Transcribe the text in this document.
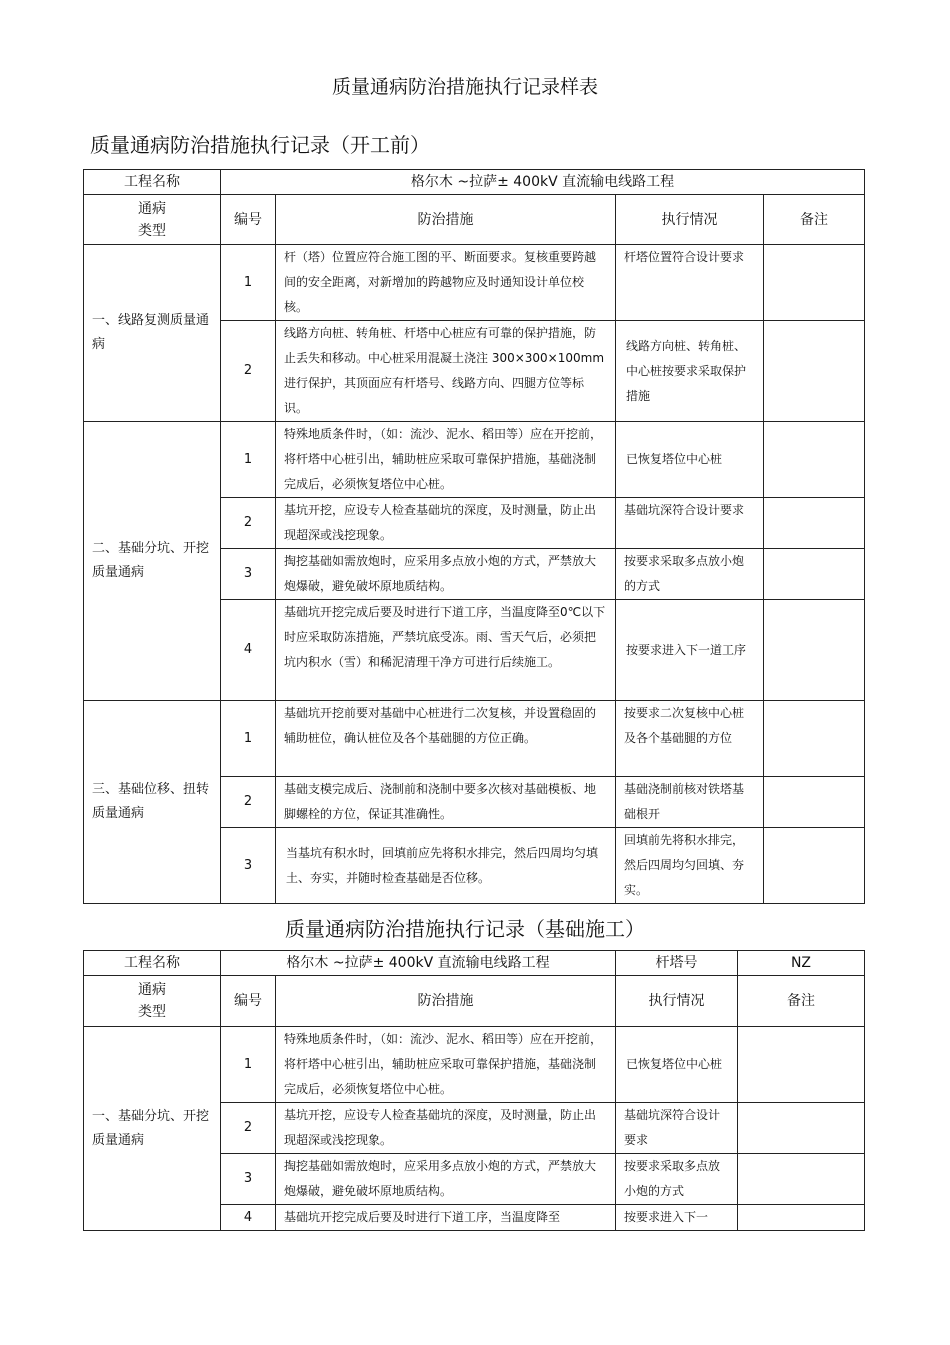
质量通病防治措施执行记录样表
质量通病防治措施执行记录（开工前）
工程名称	格尔木 ~拉萨± 400kV 直流输电线路工程			
通病
类型	编号	防治措施	执行情况	备注
一、线路复测质量通病	1	杆（塔）位置应符合施工图的平、断面要求。复核重要跨越间的安全距离，对新增加的跨越物应及时通知设计单位校核。	杆塔位置符合设计要求	
	2	线路方向桩、转角桩、杆塔中心桩应有可靠的保护措施，防止丢失和移动。中心桩采用混凝土浇注 300×300×100mm 进行保护，其顶面应有杆塔号、线路方向、四腿方位等标识。	线路方向桩、转角桩、中心桩按要求采取保护措施	
二、基础分坑、开挖质量通病	1	特殊地质条件时，（如：流沙、泥水、稻田等）应在开挖前，将杆塔中心桩引出，辅助桩应采取可靠保护措施，基础浇制完成后，必须恢复塔位中心桩。	已恢复塔位中心桩	
	2	基坑开挖，应设专人检查基础坑的深度，及时测量，防止出现超深或浅挖现象。	基础坑深符合设计要求	
	3	掏挖基础如需放炮时，应采用多点放小炮的方式，严禁放大炮爆破，避免破坏原地质结构。	按要求采取多点放小炮的方式	
	4	基础坑开挖完成后要及时进行下道工序，当温度降至0℃以下时应采取防冻措施，严禁坑底受冻。雨、雪天气后，必须把坑内积水（雪）和稀泥清理干净方可进行后续施工。	按要求进入下一道工序	
三、基础位移、扭转质量通病	1	基础坑开挖前要对基础中心桩进行二次复核，并设置稳固的辅助桩位，确认桩位及各个基础腿的方位正确。	按要求二次复核中心桩及各个基础腿的方位	
	2	基础支模完成后、浇制前和浇制中要多次核对基础模板、地脚螺栓的方位，保证其准确性。	基础浇制前核对铁塔基础根开	
	3	当基坑有积水时，回填前应先将积水排完，然后四周均匀填土、夯实，并随时检查基础是否位移。	回填前先将积水排完，然后四周均匀回填、夯实。	
质量通病防治措施执行记录（基础施工）
工程名称	格尔木 ~拉萨± 400kV 直流输电线路工程		杆塔号	NZ
通病
类型	编号	防治措施	执行情况	备注
一、基础分坑、开挖质量通病	1	特殊地质条件时，（如：流沙、泥水、稻田等）应在开挖前，将杆塔中心桩引出，辅助桩应采取可靠保护措施，基础浇制完成后，必须恢复塔位中心桩。	已恢复塔位中心桩	
	2	基坑开挖，应设专人检查基础坑的深度，及时测量，防止出现超深或浅挖现象。	基础坑深符合设计要求	
	3	掏挖基础如需放炮时，应采用多点放小炮的方式，严禁放大炮爆破，避免破坏原地质结构。	按要求采取多点放小炮的方式	
	4	基础坑开挖完成后要及时进行下道工序，当温度降至	按要求进入下一	
